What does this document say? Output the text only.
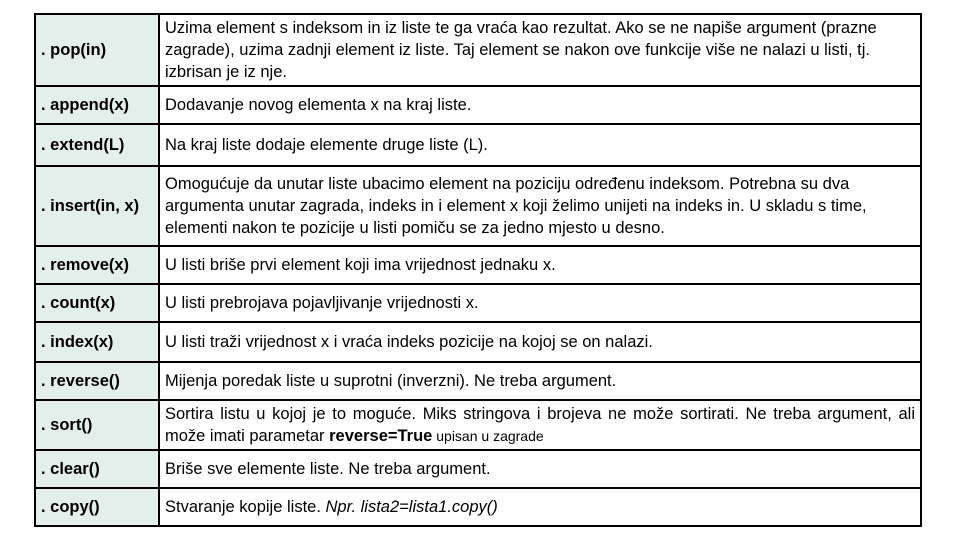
. pop(in)	Uzima element s indeksom in iz liste te ga vraća kao rezultat. Ako se ne napiše argument (prazne zagrade), uzima zadnji element iz liste. Taj element se nakon ove funkcije više ne nalazi u listi, tj. izbrisan je iz nje.
. append(x)	Dodavanje novog elementa x na kraj liste.
. extend(L)	Na kraj liste dodaje elemente druge liste (L).
. insert(in, x)	Omogućuje da unutar liste ubacimo element na poziciju određenu indeksom. Potrebna su dva argumenta unutar zagrada, indeks in i element x koji želimo unijeti na indeks in. U skladu s time, elementi nakon te pozicije u listi pomiču se za jedno mjesto u desno.
. remove(x)	U listi briše prvi element koji ima vrijednost jednaku x.
. count(x)	U listi prebrojava pojavljivanje vrijednosti x.
. index(x)	U listi traži vrijednost x i vraća indeks pozicije na kojoj se on nalazi.
. reverse()	Mijenja poredak liste u suprotni (inverzni). Ne treba argument.
. sort()	Sortira listu u kojoj je to moguće. Miks stringova i brojeva ne može sortirati. Ne treba argument, ali može imati parametar reverse=True upisan u zagrade
. clear()	Briše sve elemente liste. Ne treba argument.
. copy()	Stvaranje kopije liste. Npr. lista2=lista1.copy()
